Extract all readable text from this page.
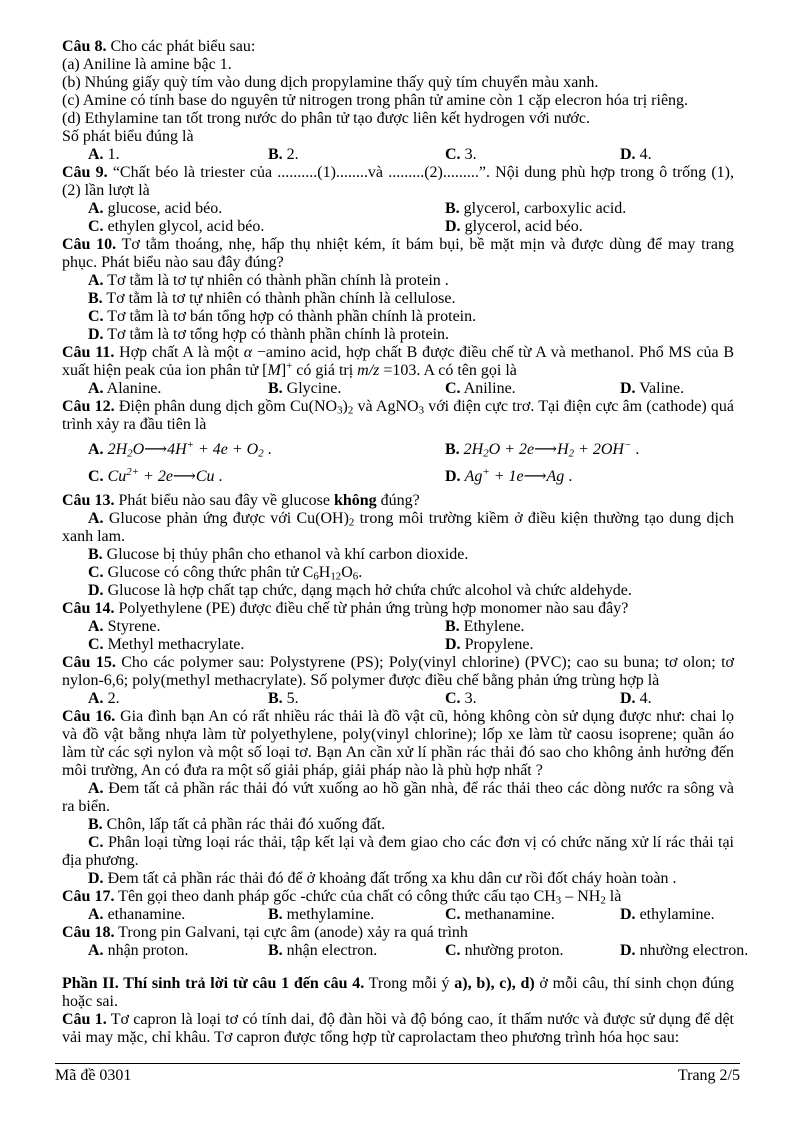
Câu 8. Cho các phát biểu sau:
(a) Aniline là amine bậc 1.
(b) Nhúng giấy quỳ tím vào dung dịch propylamine thấy quỳ tím chuyển màu xanh.
(c) Amine có tính base do nguyên tử nitrogen trong phân tử amine còn 1 cặp elecron hóa trị riêng.
(d) Ethylamine tan tốt trong nước do phân tử tạo được liên kết hydrogen với nước.
Số phát biểu đúng là
A. 1.	B. 2.	C. 3.	D. 4.
Câu 9. “Chất béo là triester của ..........(1)........và .........(2).........”. Nội dung phù hợp trong ô trống (1), (2) lần lượt là
A. glucose, acid béo.	B. glycerol, carboxylic acid.
C. ethylen glycol, acid béo.	D. glycerol, acid béo.
Câu 10. Tơ tằm thoáng, nhẹ, hấp thụ nhiệt kém, ít bám bụi, bề mặt mịn và được dùng để may trang phục. Phát biểu nào sau đây đúng?
A. Tơ tằm là tơ tự nhiên có thành phần chính là protein .
B. Tơ tằm là tơ tự nhiên có thành phần chính là cellulose.
C. Tơ tằm là tơ bán tổng hợp có thành phần chính là protein.
D. Tơ tằm là tơ tổng hợp có thành phần chính là protein.
Câu 11. Hợp chất A là một α −amino acid, hợp chất B được điều chế từ A và methanol. Phổ MS của B xuất hiện peak của ion phân tử [M]+ có giá trị m/z =103. A có tên gọi là
A. Alanine.	B. Glycine.	C. Aniline.	D. Valine.
Câu 12. Điện phân dung dịch gồm $Cu(NO_3)_2$ và AgNO$_3$ với điện cực trơ. Tại điện cực âm (cathode) quá trình xảy ra đầu tiên là
A. $2H_2O⟶4H^+ + 4e + O_2$ .	B. $2H_2O$ + $2e⟶H_2 + 2OH^-$ .
C. $Cu^{2+}$ + 2e⟶Cu .	D. Ag+ + 1e⟶Ag .
Câu 13. Phát biểu nào sau đây về glucose không đúng?
A. Glucose phản ứng được với $Cu(OH)_2$ trong môi trường kiềm ở điều kiện thường tạo dung dịch xanh lam.
B. Glucose bị thủy phân cho ethanol và khí carbon dioxide.
C. Glucose có công thức phân tử $C_6H_{12}O_6$.
D. Glucose là hợp chất tạp chức, dạng mạch hở chứa chức alcohol và chức aldehyde.
Câu 14. Polyethylene (PE) được điều chế từ phản ứng trùng hợp monomer nào sau đây?
A. Styrene.	B. Ethylene.
C. Methyl methacrylate.	D. Propylene.
Câu 15. Cho các polymer sau: Polystyrene (PS); Poly(vinyl chlorine) (PVC); cao su buna; tơ olon; tơ nylon-6,6; poly(methyl methacrylate). Số polymer được điều chế bằng phản ứng trùng hợp là
A. 2.	B. 5.	C. 3.	D. 4.
Câu 16. Gia đình bạn An có rất nhiều rác thải là đồ vật cũ, hỏng không còn sử dụng được như: chai lọ và đồ vật bằng nhựa làm từ polyethylene, poly(vinyl chlorine); lốp xe làm từ caosu isoprene; quần áo làm từ các sợi nylon và một số loại tơ. Bạn An cần xử lí phần rác thải đó sao cho không ảnh hưởng đến môi trường, An có đưa ra một số giải pháp, giải pháp nào là phù hợp nhất ?
A. Đem tất cả phần rác thải đó vứt xuống ao hồ gần nhà, để rác thải theo các dòng nước ra sông và ra biển.
B. Chôn, lấp tất cả phần rác thải đó xuống đất.
C. Phân loại từng loại rác thải, tập kết lại và đem giao cho các đơn vị có chức năng xử lí rác thải tại địa phương.
D. Đem tất cả phần rác thải đó để ở khoảng đất trống xa khu dân cư rồi đốt cháy hoàn toàn .
Câu 17. Tên gọi theo danh pháp gốc -chức của chất có công thức cấu tạo $CH_3 - NH_2$ là
A. ethanamine.	B. methylamine.	C. methanamine.	D. ethylamine.
Câu 18. Trong pin Galvani, tại cực âm (anode) xảy ra quá trình
A. nhận proton.	B. nhận electron.	C. nhường proton.	D. nhường electron.
Phần II. Thí sinh trả lời từ câu 1 đến câu 4. Trong mỗi ý a), b), c), d) ở mỗi câu, thí sinh chọn đúng hoặc sai.
Câu 1. Tơ capron là loại tơ có tính dai, độ đàn hồi và độ bóng cao, ít thấm nước và được sử dụng để dệt vải may mặc, chỉ khâu. Tơ capron được tổng hợp từ caprolactam theo phương trình hóa học sau:
Mã đề 0301	Trang 2/5
